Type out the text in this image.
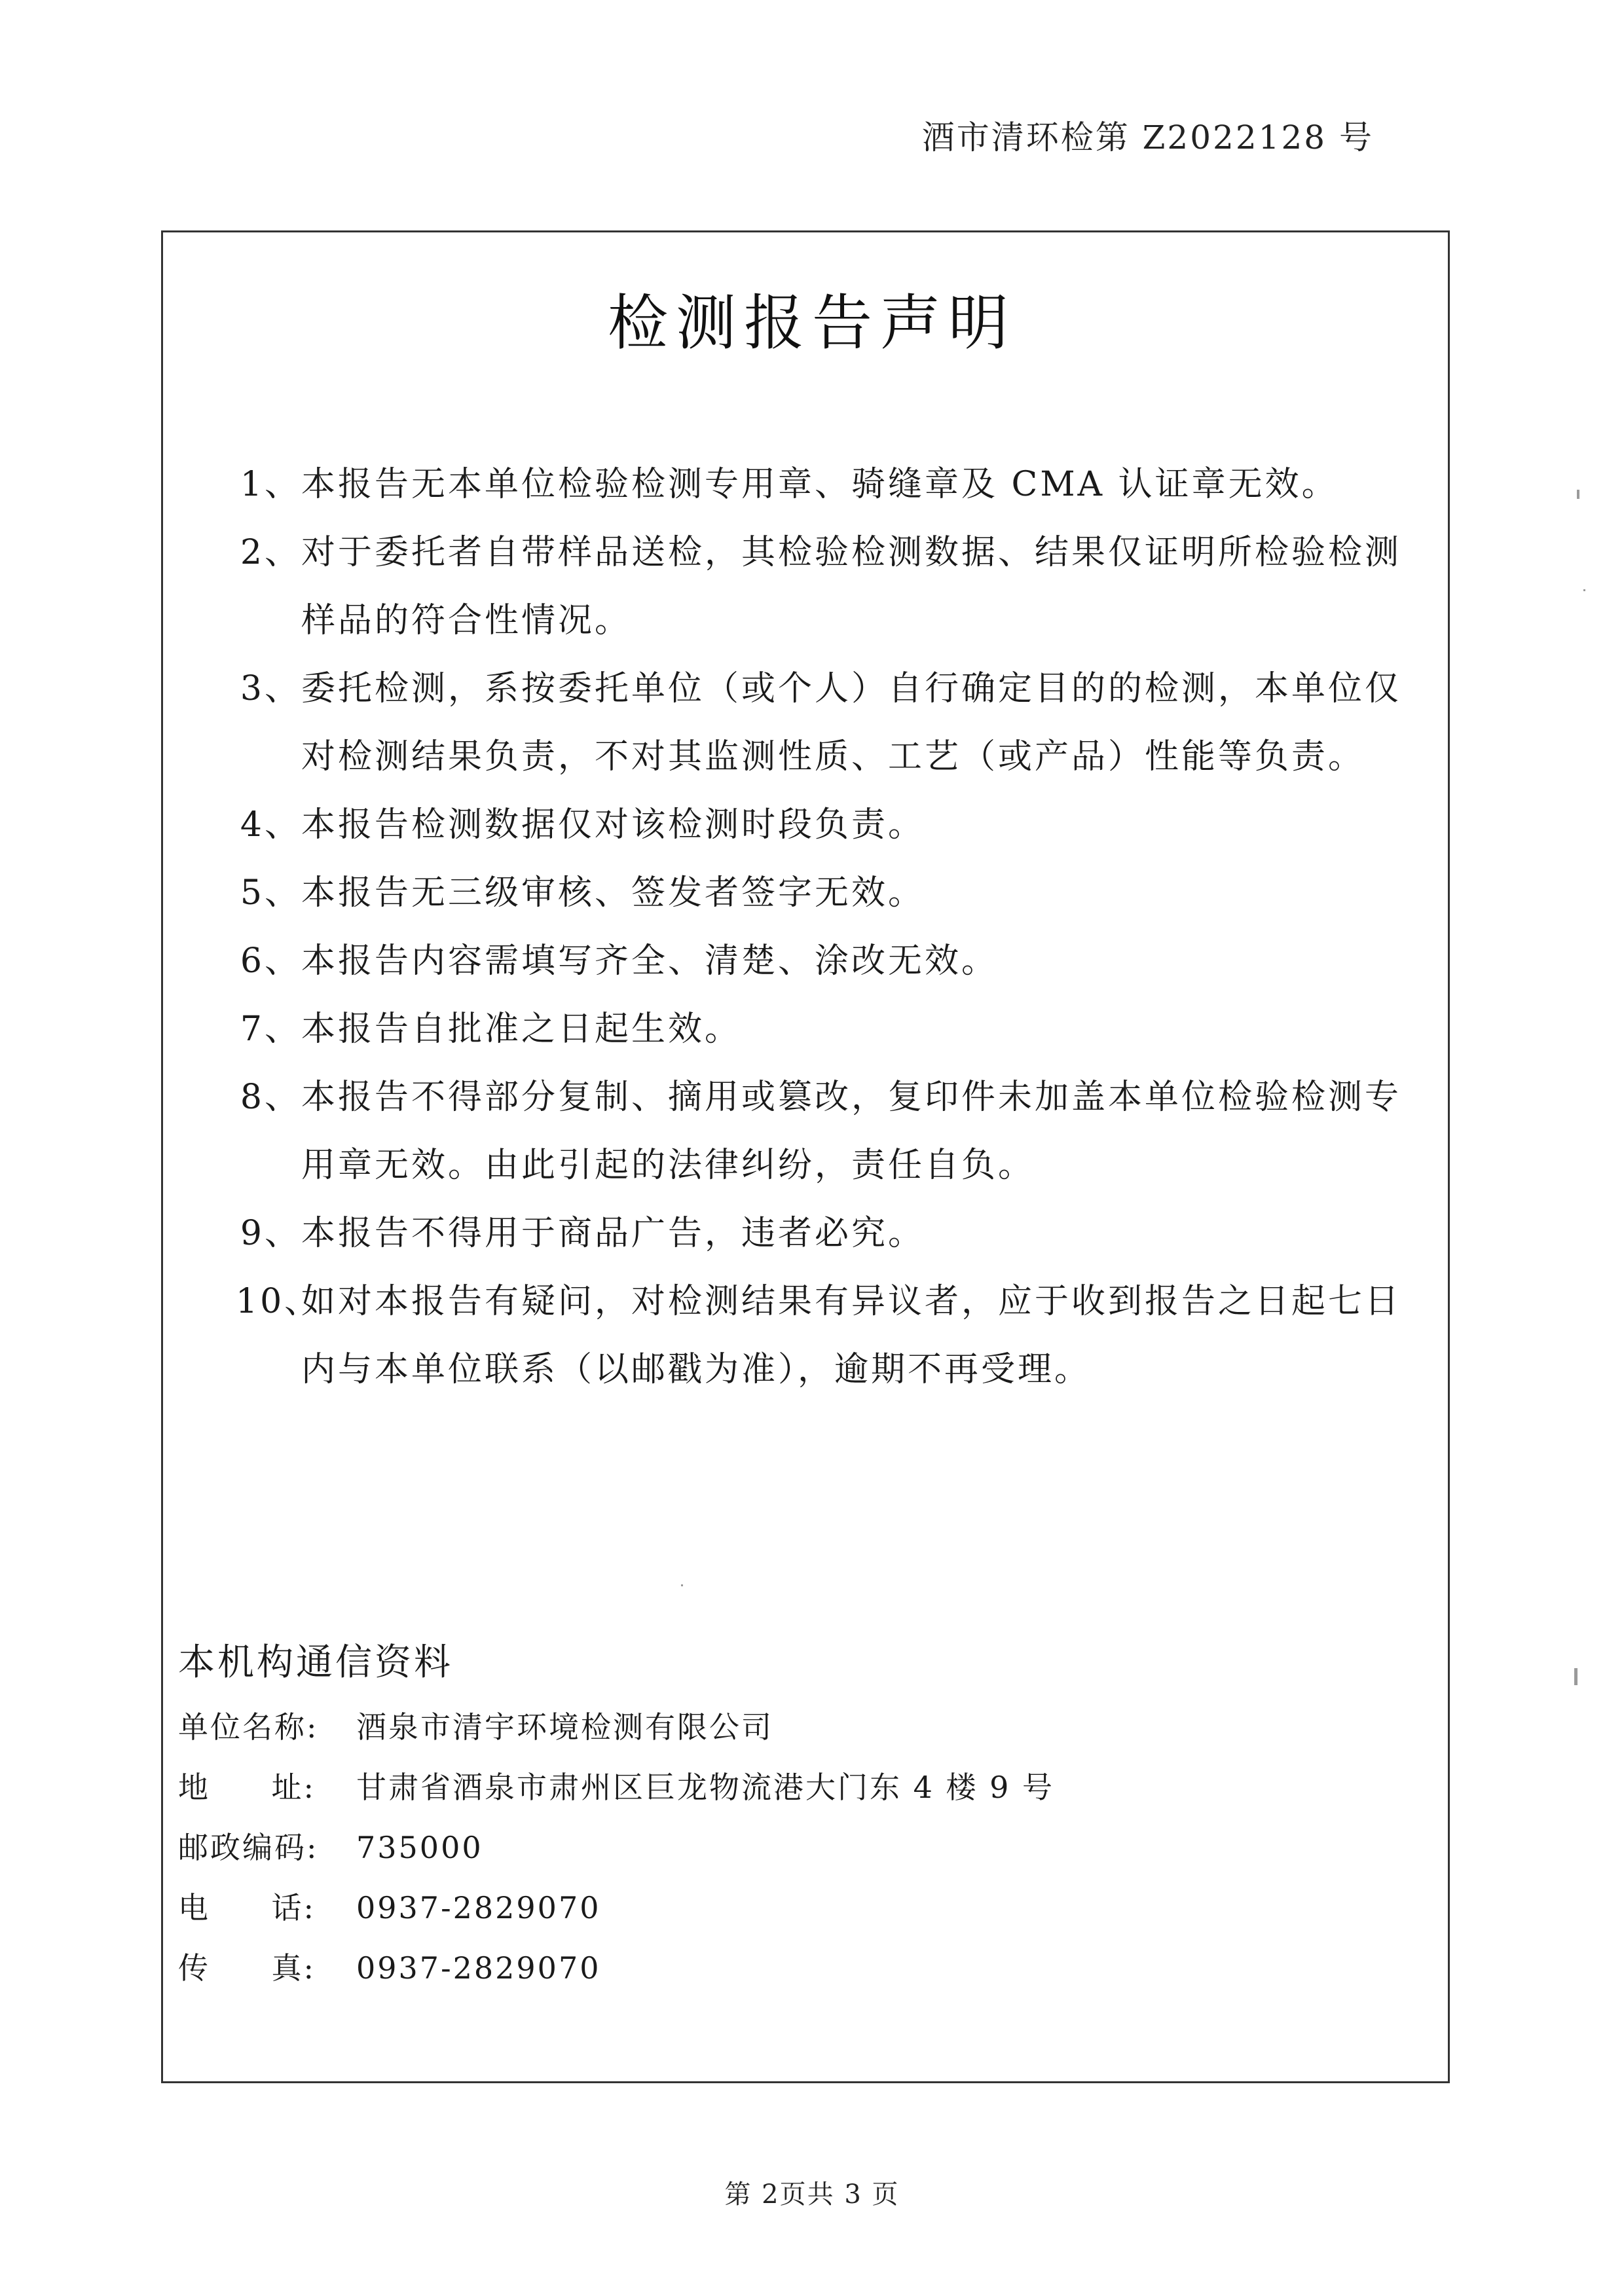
酒市清环检第 Z2022128 号
检测报告声明
1、 本报告无本单位检验检测专用章、骑缝章及 CMA 认证章无效。
2、 对于委托者自带样品送检，其检验检测数据、结果仅证明所检验检测样品的符合性情况。
3、 委托检测，系按委托单位（或个人）自行确定目的的检测，本单位仅对检测结果负责，不对其监测性质、工艺（或产品）性能等负责。
4、 本报告检测数据仅对该检测时段负责。
5、 本报告无三级审核、签发者签字无效。
6、 本报告内容需填写齐全、清楚、涂改无效。
7、 本报告自批准之日起生效。
8、 本报告不得部分复制、摘用或篡改，复印件未加盖本单位检验检测专用章无效。由此引起的法律纠纷，责任自负。
9、 本报告不得用于商品广告，违者必究。
10、
如对本报告有疑问，对检测结果有异议者，应于收到报告之日起七日内与本单位联系（以邮戳为准），逾期不再受理。
本机构通信资料
单位名称:	酒泉市清宇环境检测有限公司
地 址: 甘肃省酒泉市肃州区巨龙物流港大门东 4 楼 9 号
邮政编码:	735000
电 话: 0937-2829070
传 真: 0937-2829070
第 2页共 3 页
